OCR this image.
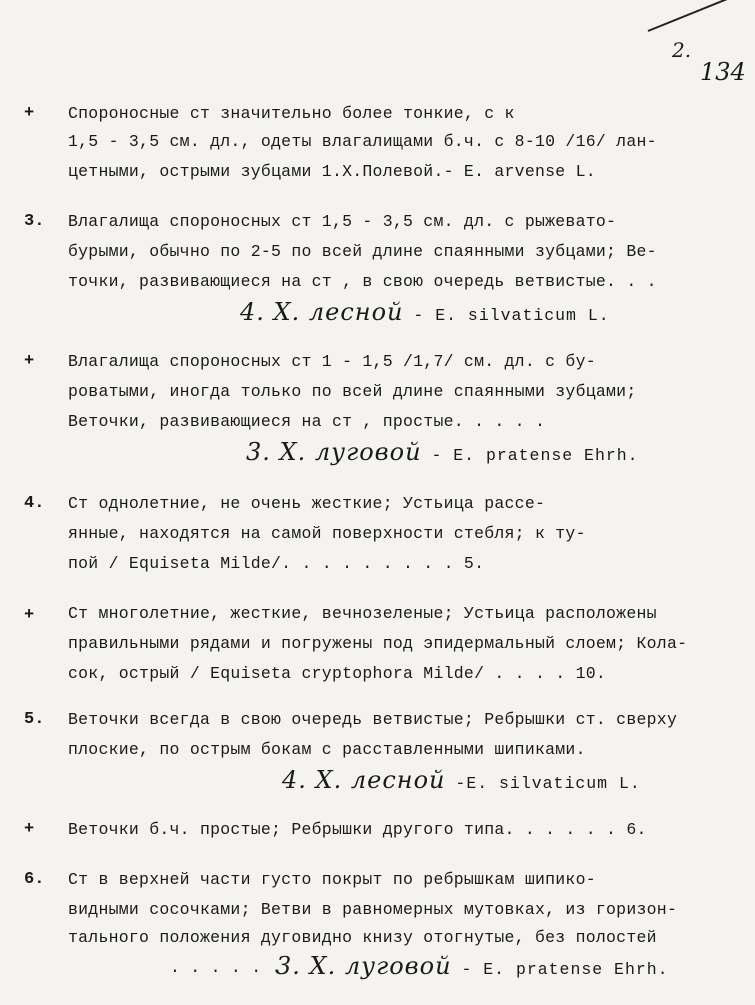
2.
134
+ Спороносные ст значительно более тонкие, с к
1,5 - 3,5 см. дл., одеты влагалищами б.ч. с 8-10 /16/ лан-
цетными, острыми зубцами 1.Х.Полевой.- E. arvense L.
3. Влагалища спороносных ст 1,5 - 3,5 см. дл. с рыжевато-
бурыми, обычно по 2-5 по всей длине спаянными зубцами; Ве-
точки, развивающиеся на ст , в свою очередь ветвистые. . .
4. Х. лесной - E. silvaticum L.
+ Влагалища спороносных ст 1 - 1,5 /1,7/ см. дл. с бу-
роватыми, иногда только по всей длине спаянными зубцами;
Веточки, развивающиеся на ст , простые. . . . .
3. Х. луговой - E. pratense Ehrh.
4. Ст однолетние, не очень жесткие; Устьица рассе-
янные, находятся на самой поверхности стебля; к ту-
пой / Equiseta Milde/. . . . . . . . . 5.
+ Ст многолетние, жесткие, вечнозеленые; Устьица расположены
правильными рядами и погружены под эпидермальный слоем; Кола-
сок, острый / Equiseta cryptophora Milde/ . . . . 10.
5. Веточки всегда в свою очередь ветвистые; Ребрышки ст. сверху
плоские, по острым бокам с расставленными шипиками.
4. Х. лесной -E. silvaticum L.
+ Веточки б.ч. простые; Ребрышки другого типа. . . . . . 6.
6. Ст в верхней части густо покрыт по ребрышкам шипико-
видными сосочками; Ветви в равномерных мутовках, из горизон-
тального положения дуговидно книзу отогнутые, без полостей
. . . . . .
3. Х. луговой - E. pratense Ehrh.
